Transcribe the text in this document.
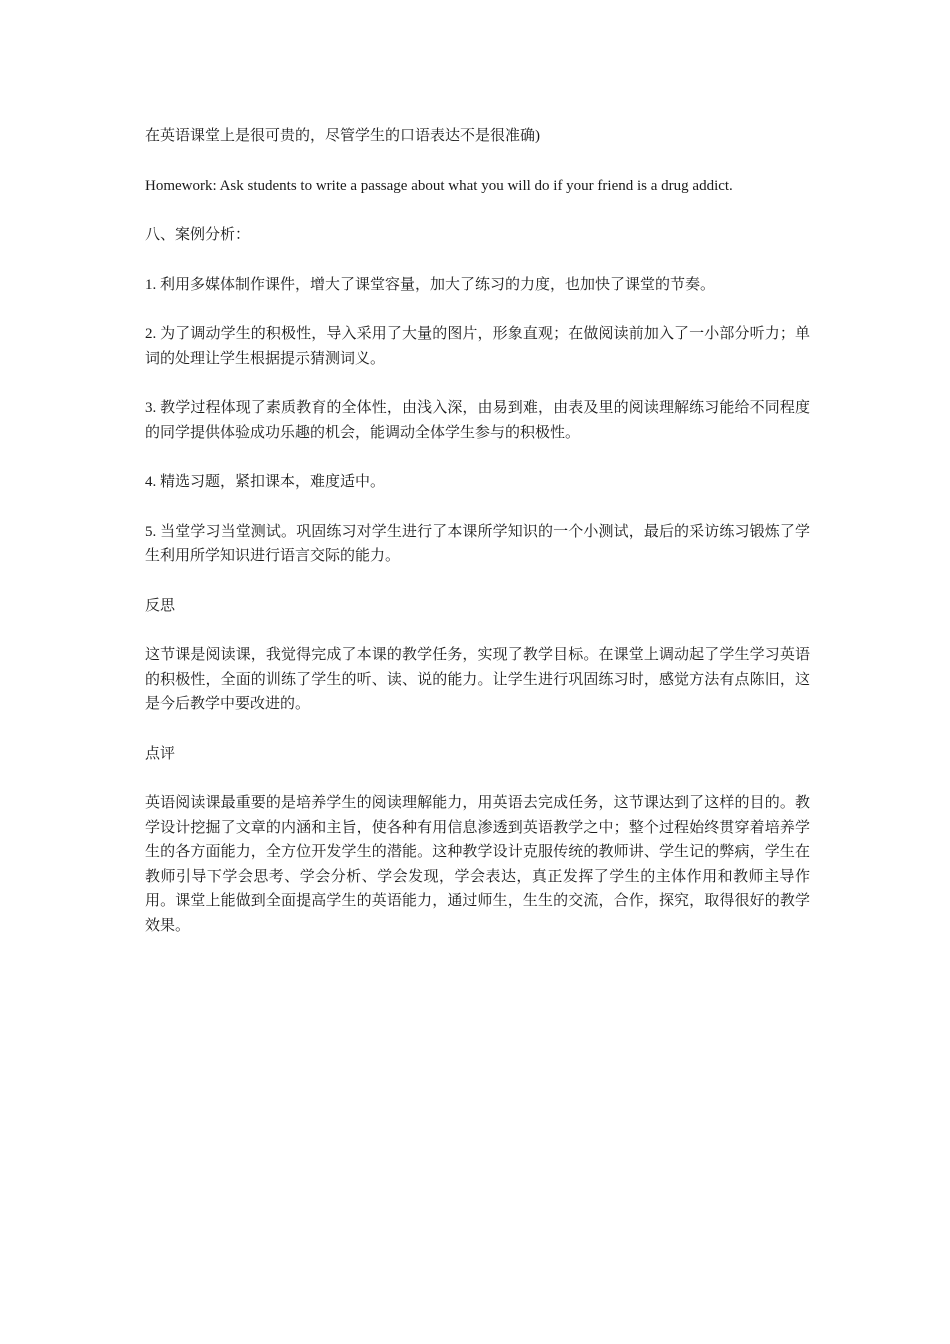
在英语课堂上是很可贵的，尽管学生的口语表达不是很准确)

Homework: Ask students to write a passage about what you will do if your friend is a drug addict.

八、案例分析：

1. 利用多媒体制作课件，增大了课堂容量，加大了练习的力度，也加快了课堂的节奏。

2. 为了调动学生的积极性，导入采用了大量的图片，形象直观；在做阅读前加入了一小部分听力；单词的处理让学生根据提示猜测词义。

3. 教学过程体现了素质教育的全体性，由浅入深，由易到难，由表及里的阅读理解练习能给不同程度的同学提供体验成功乐趣的机会，能调动全体学生参与的积极性。

4. 精选习题，紧扣课本，难度适中。

5. 当堂学习当堂测试。巩固练习对学生进行了本课所学知识的一个小测试，最后的采访练习锻炼了学生利用所学知识进行语言交际的能力。

反思

这节课是阅读课，我觉得完成了本课的教学任务，实现了教学目标。在课堂上调动起了学生学习英语的积极性，全面的训练了学生的听、读、说的能力。让学生进行巩固练习时，感觉方法有点陈旧，这是今后教学中要改进的。

点评

英语阅读课最重要的是培养学生的阅读理解能力，用英语去完成任务，这节课达到了这样的目的。教学设计挖掘了文章的内涵和主旨，使各种有用信息渗透到英语教学之中；整个过程始终贯穿着培养学生的各方面能力，全方位开发学生的潜能。这种教学设计克服传统的教师讲、学生记的弊病，学生在教师引导下学会思考、学会分析、学会发现，学会表达，真正发挥了学生的主体作用和教师主导作用。课堂上能做到全面提高学生的英语能力，通过师生，生生的交流，合作，探究，取得很好的教学效果。
